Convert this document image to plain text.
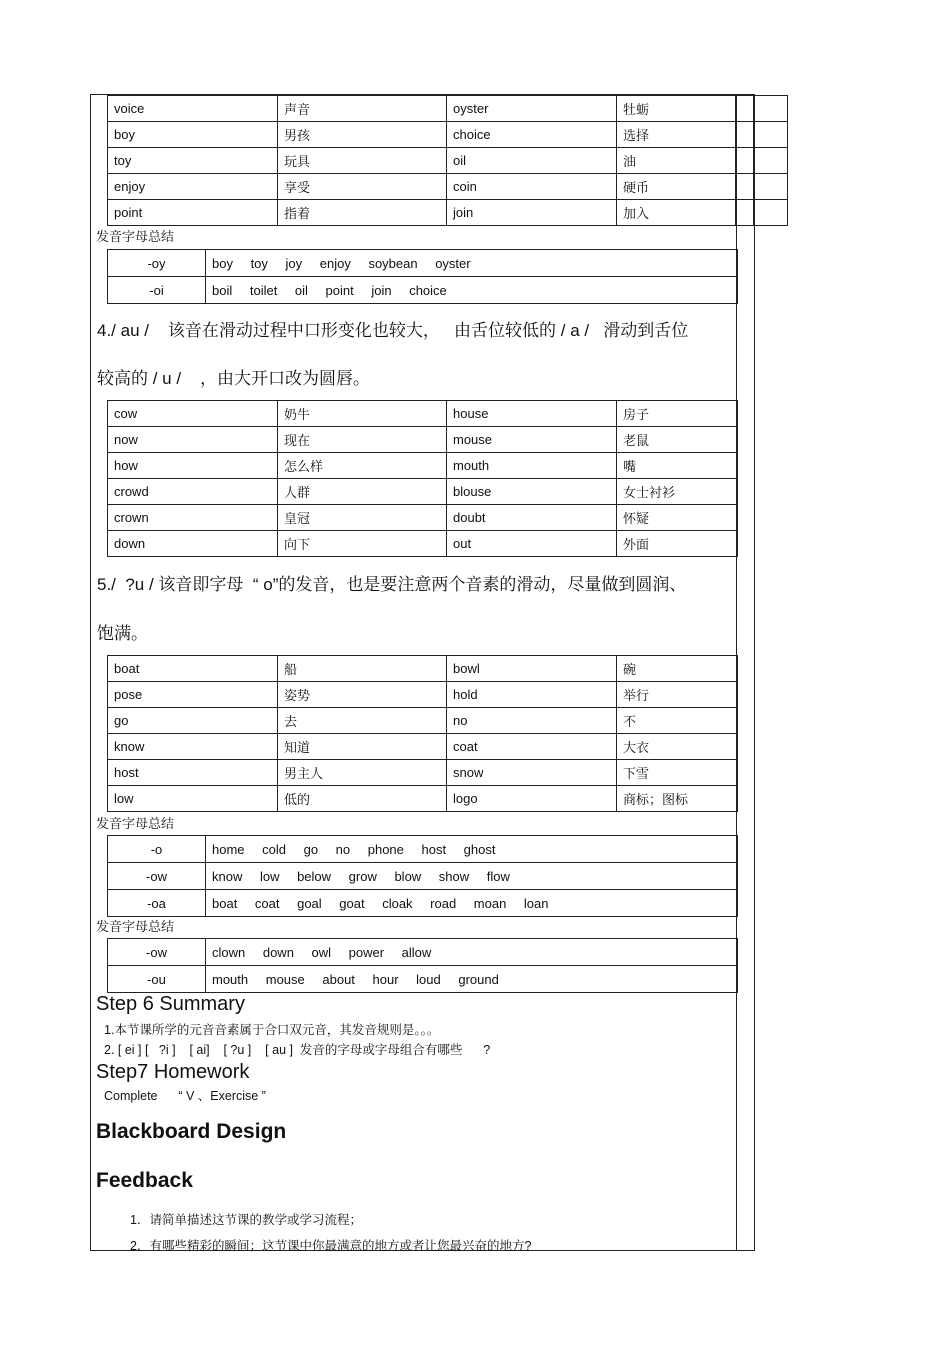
voice	声音	oyster	牡蛎		
boy	男孩	choice	选择		
toy	玩具	oil	油		
enjoy	享受	coin	硬币		
point	指着	join	加入		
发音字母总结
-oy	boy toy joy enjoy soybean oyster
-oi	boil toilet oil point join choice
4./ au /    该音在滑动过程中口形变化也较大，   由舌位较低的 / a /   滑动到舌位
较高的 / u /    ，由大开口改为圆唇。
cow	奶牛	house	房子
now	现在	mouse	老鼠
how	怎么样	mouth	嘴
crowd	人群	blouse	女士衬衫
crown	皇冠	doubt	怀疑
down	向下	out	外面
5./  ?u / 该音即字母  “ o”的发音，也是要注意两个音素的滑动，尽量做到圆润、
饱满。
boat	船	bowl	碗
pose	姿势	hold	举行
go	去	no	不
know	知道	coat	大衣
host	男主人	snow	下雪
low	低的	logo	商标；图标
发音字母总结
-o	home cold go no phone host ghost
-ow	know low below grow blow show flow
-oa	boat coat goal goat cloak road moan loan
发音字母总结
-ow	clown down owl power allow
-ou	mouth mouse about hour loud ground
Step 6 Summary
1.本节课所学的元音音素属于合口双元音，其发音规则是。。。
2. [ ei ] [   ?i ]    [ ai]    [ ?u ]    [ au ]  发音的字母或字母组合有哪些      ?
Step7 Homework
Complete      “ V 、Exercise ”
Blackboard Design
Feedback
1．请简单描述这节课的教学或学习流程；
2．有哪些精彩的瞬间；这节课中你最满意的地方或者让您最兴奋的地方?
